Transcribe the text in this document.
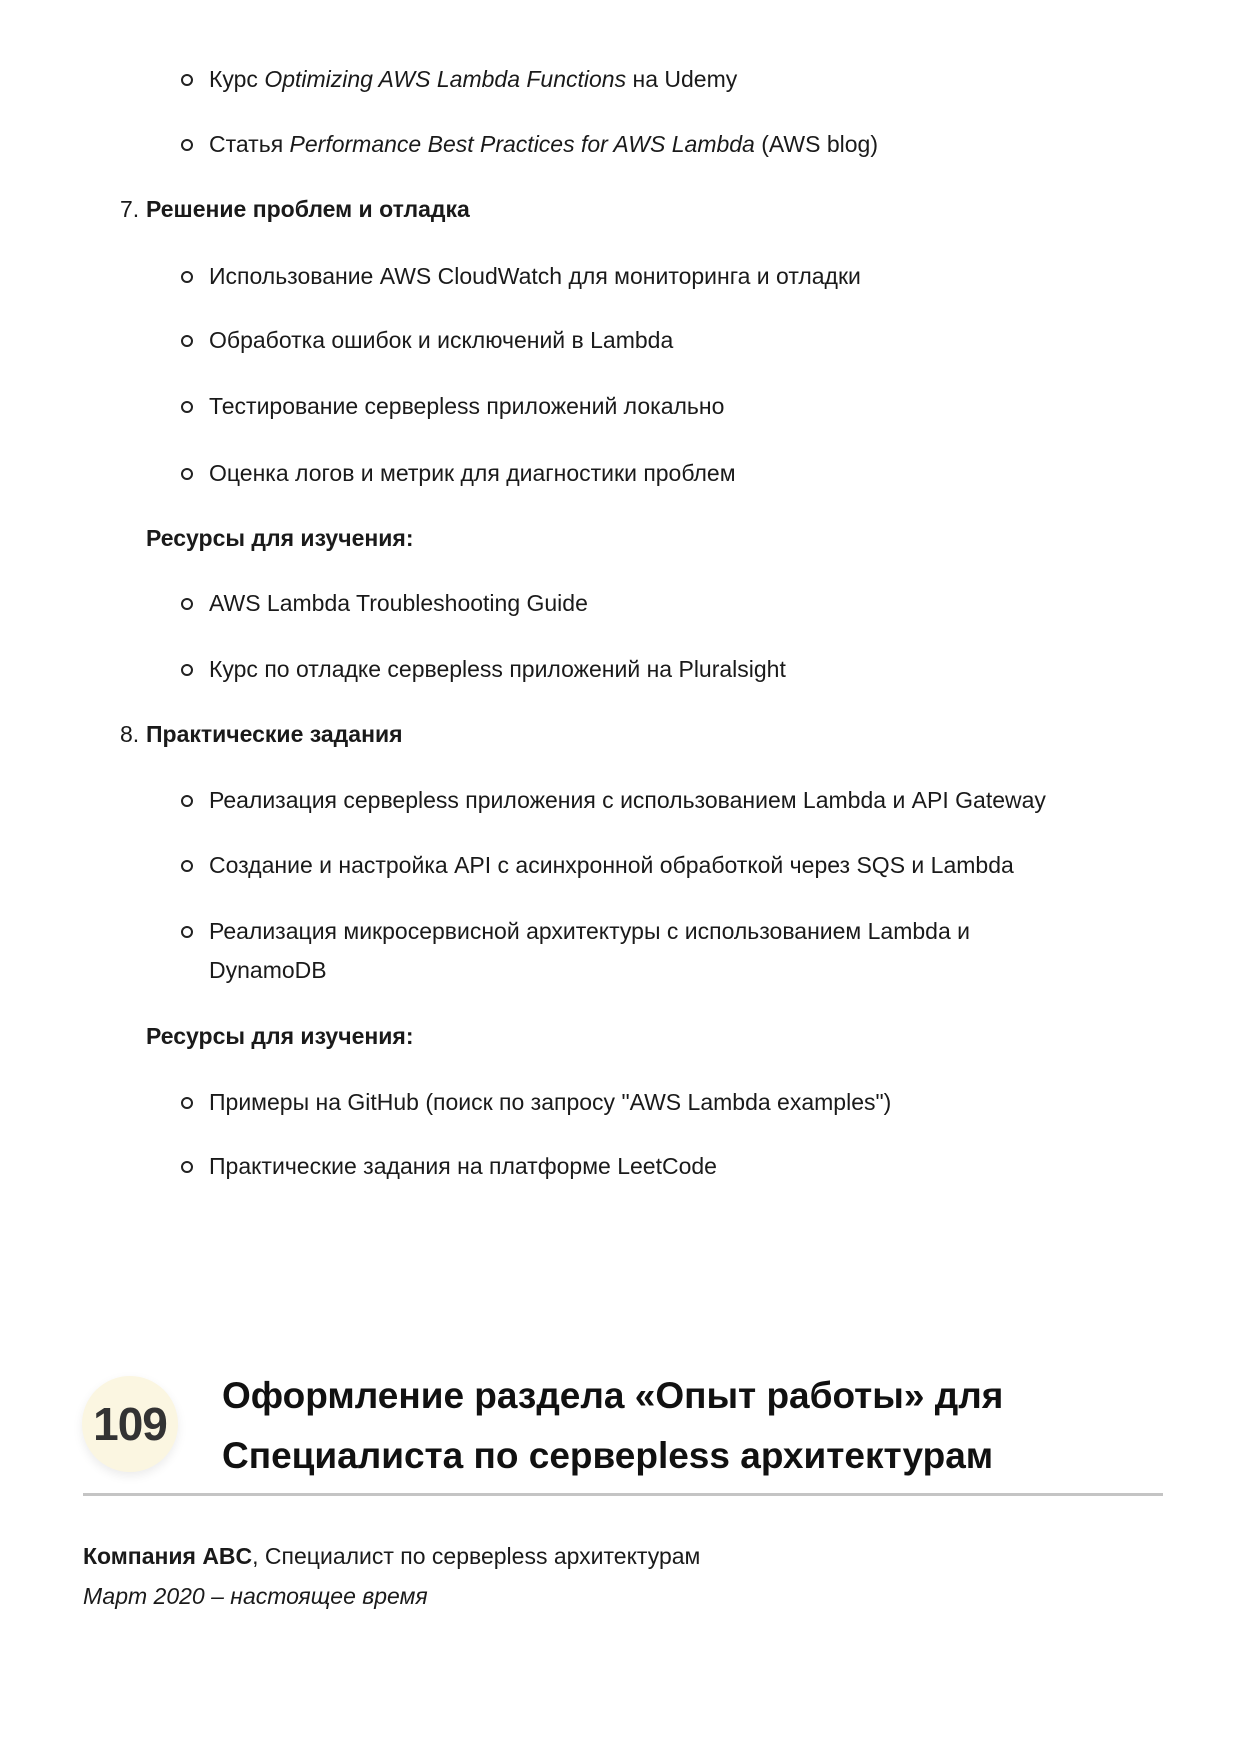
Курс Optimizing AWS Lambda Functions на Udemy
Статья Performance Best Practices for AWS Lambda (AWS blog)
7. Решение проблем и отладка
Использование AWS CloudWatch для мониторинга и отладки
Обработка ошибок и исключений в Lambda
Тестирование серверless приложений локально
Оценка логов и метрик для диагностики проблем
Ресурсы для изучения:
AWS Lambda Troubleshooting Guide
Курс по отладке серверless приложений на Pluralsight
8. Практические задания
Реализация серверless приложения с использованием Lambda и API Gateway
Создание и настройка API с асинхронной обработкой через SQS и Lambda
Реализация микросервисной архитектуры с использованием Lambda и
DynamoDB
Ресурсы для изучения:
Примеры на GitHub (поиск по запросу "AWS Lambda examples")
Практические задания на платформе LeetCode
109
Оформление раздела «Опыт работы» для
Специалиста по серверless архитектурам
Компания ABC, Специалист по серверless архитектурам
Март 2020 – настоящее время
